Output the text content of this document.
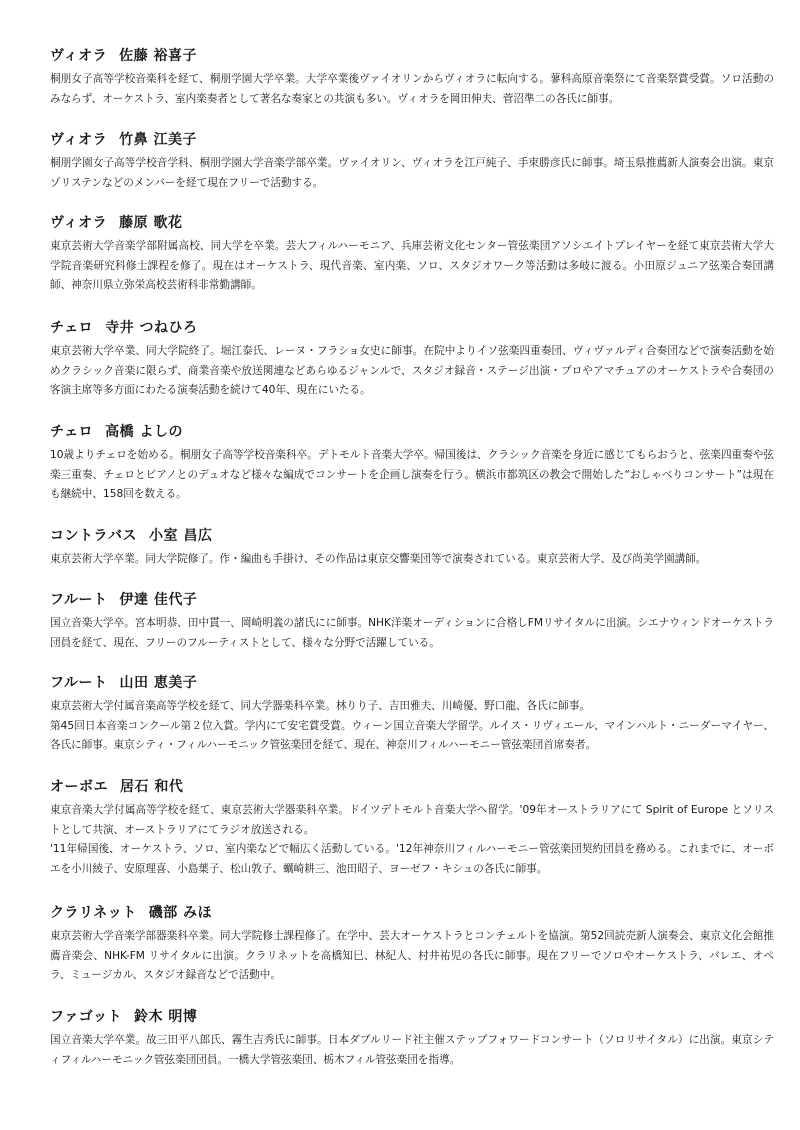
ヴィオラ 佐藤 裕喜子

桐朋女子高等学校音楽科を経て、桐朋学園大学卒業。大学卒業後ヴァイオリンからヴィオラに転向する。蓼科高原音楽祭にて音楽祭賞受賞。ソロ活動のみならず、オーケストラ、室内楽奏者として著名な奏家との共演も多い。ヴィオラを岡田伸夫、菅沼準二の各氏に師事。

ヴィオラ 竹鼻 江美子

桐朋学園女子高等学校音学科、桐朋学園大学音楽学部卒業。ヴァイオリン、ヴィオラを江戸純子、手束勝彦氏に師事。埼玉県推薦新人演奏会出演。東京ゾリステンなどのメンバーを経て現在フリーで活動する。

ヴィオラ 藤原 歌花

東京芸術大学音楽学部附属高校、同大学を卒業。芸大フィルハーモニア、兵庫芸術文化センター管弦楽団アソシエイトプレイヤーを経て東京芸術大学大学院音楽研究科修士課程を修了。現在はオーケストラ、現代音楽、室内楽、ソロ、スタジオワーク等活動は多岐に渡る。小田原ジュニア弦楽合奏団講師、神奈川県立弥栄高校芸術科非常勤講師。

チェロ 寺井 つねひろ

東京芸術大学卒業、同大学院終了。堀江泰氏、レーヌ・フラショ女史に師事。在院中よりイソ弦楽四重奏団、ヴィヴァルディ合奏団などで演奏活動を始めクラシック音楽に限らず、商業音楽や放送関連などあらゆるジャンルで、スタジオ録音・ステージ出演・プロやアマチュアのオーケストラや合奏団の客演主席等多方面にわたる演奏活動を続けて40年、現在にいたる。

チェロ 高橋 よしの

10歳よりチェロを始める。桐朋女子高等学校音楽科卒。デトモルト音楽大学卒。帰国後は、クラシック音楽を身近に感じてもらおうと、弦楽四重奏や弦楽三重奏、チェロとピアノとのデュオなど様々な編成でコンサートを企画し演奏を行う。横浜市都筑区の教会で開始した“おしゃべりコンサート”は現在も継続中、158回を数える。

コントラバス 小室 昌広

東京芸術大学卒業。同大学院修了。作・編曲も手掛け、その作品は東京交響楽団等で演奏されている。東京芸術大学、及び尚美学園講師。

フルート 伊達 佳代子

国立音楽大学卒。宮本明恭、田中貫一、岡崎明義の諸氏にに師事。NHK洋楽オーディションに合格しFMリサイタルに出演。シエナウィンドオーケストラ団員を経て、現在、フリーのフルーティストとして、様々な分野で活躍している。

フルート 山田 恵美子

東京芸術大学付属音楽高等学校を経て、同大学器楽科卒業。林りり子、吉田雅夫、川崎優、野口龍、各氏に師事。

第45回日本音楽コンクール第２位入賞。学内にて安宅賞受賞。ウィーン国立音楽大学留学。ルイス・リヴィエール、マインハルト・ニーダーマイヤー、各氏に師事。東京シティ・フィルハーモニック管弦楽団を経て、現在、神奈川フィルハーモニー管弦楽団首席奏者。

オーボエ 居石 和代

東京音楽大学付属高等学校を経て、東京芸術大学器楽科卒業。ドイツデトモルト音楽大学へ留学。'09年オーストラリアにて Spirit of Europe とソリストとして共演、オーストラリアにてラジオ放送される。

'11年帰国後、オーケストラ、ソロ、室内楽などで幅広く活動している。'12年神奈川フィルハーモニー管弦楽団契約団員を務める。これまでに、オーボエを小川綾子、安原理喜、小島葉子、松山敦子、蠣崎耕三、池田昭子、ヨーゼフ・キシュの各氏に師事。

クラリネット 磯部 みほ

東京芸術大学音楽学部器楽科卒業。同大学院修士課程修了。在学中、芸大オーケストラとコンチェルトを協演。第52回読売新人演奏会、東京文化会館推薦音楽会、NHK-FM リサイタルに出演。クラリネットを高橋知巳、林紀人、村井祐児の各氏に師事。現在フリーでソロやオーケストラ、バレエ、オペラ、ミュージカル、スタジオ録音などで活動中。

ファゴット 鈴木 明博

国立音楽大学卒業。故三田平八郎氏、霧生吉秀氏に師事。日本ダブルリード社主催ステップフォワードコンサート（ソロリサイタル）に出演。東京シティフィルハーモニック管弦楽団団員。一橋大学管弦楽団、栃木フィル管弦楽団を指導。
